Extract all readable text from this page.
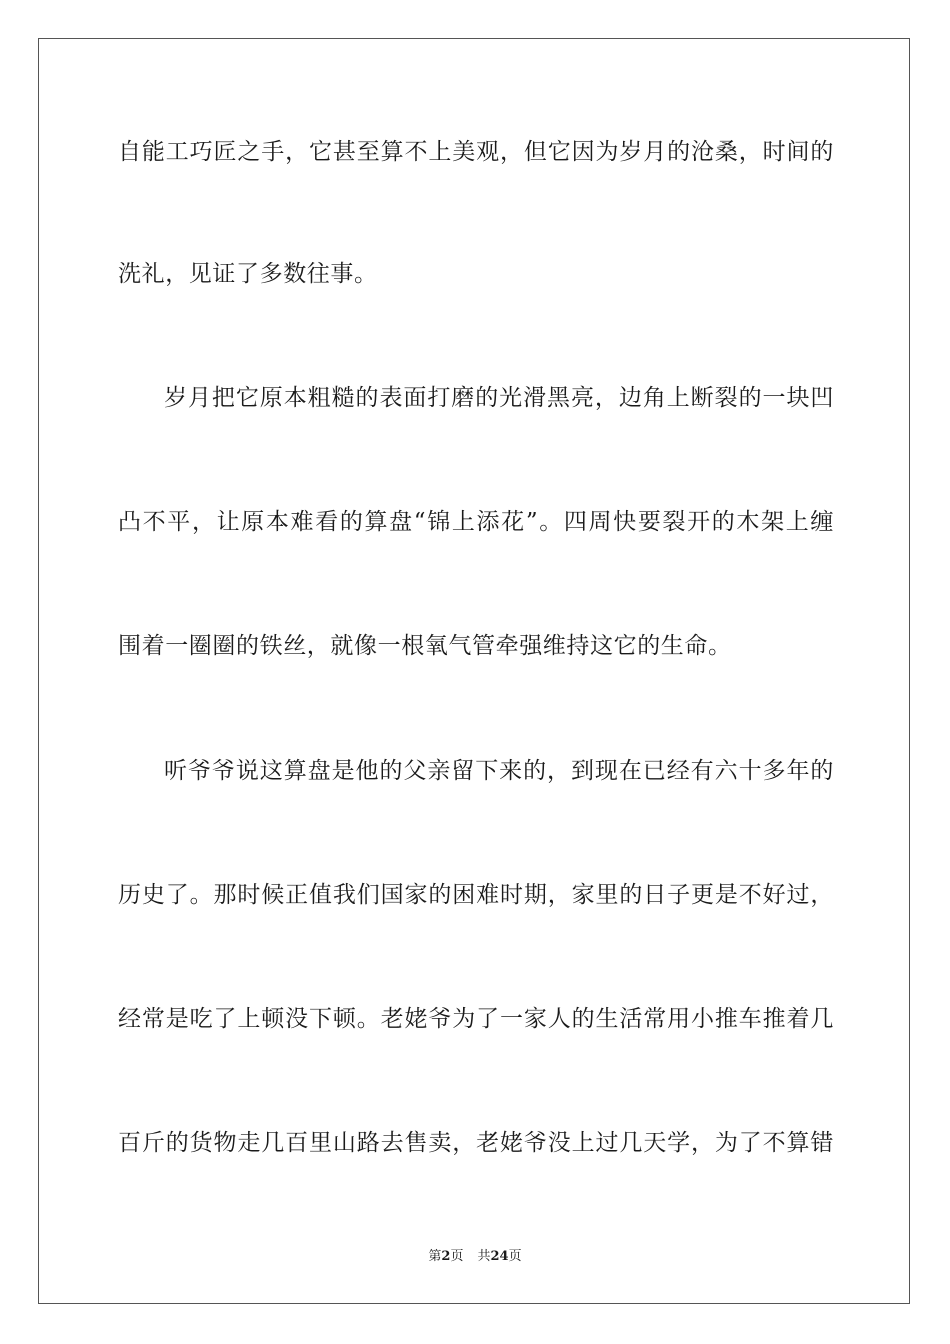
自能工巧匠之手，它甚至算不上美观，但它因为岁月的沧桑，时间的
洗礼，见证了多数往事。
岁月把它原本粗糙的表面打磨的光滑黑亮，边角上断裂的一块凹
凸不平，让原本难看的算盘“锦上添花”。四周快要裂开的木架上缠
围着一圈圈的铁丝，就像一根氧气管牵强维持这它的生命。
听爷爷说这算盘是他的父亲留下来的，到现在已经有六十多年的
历史了。那时候正值我们国家的困难时期，家里的日子更是不好过，
经常是吃了上顿没下顿。老姥爷为了一家人的生活常用小推车推着几
百斤的货物走几百里山路去售卖，老姥爷没上过几天学，为了不算错
第2页 共24页
